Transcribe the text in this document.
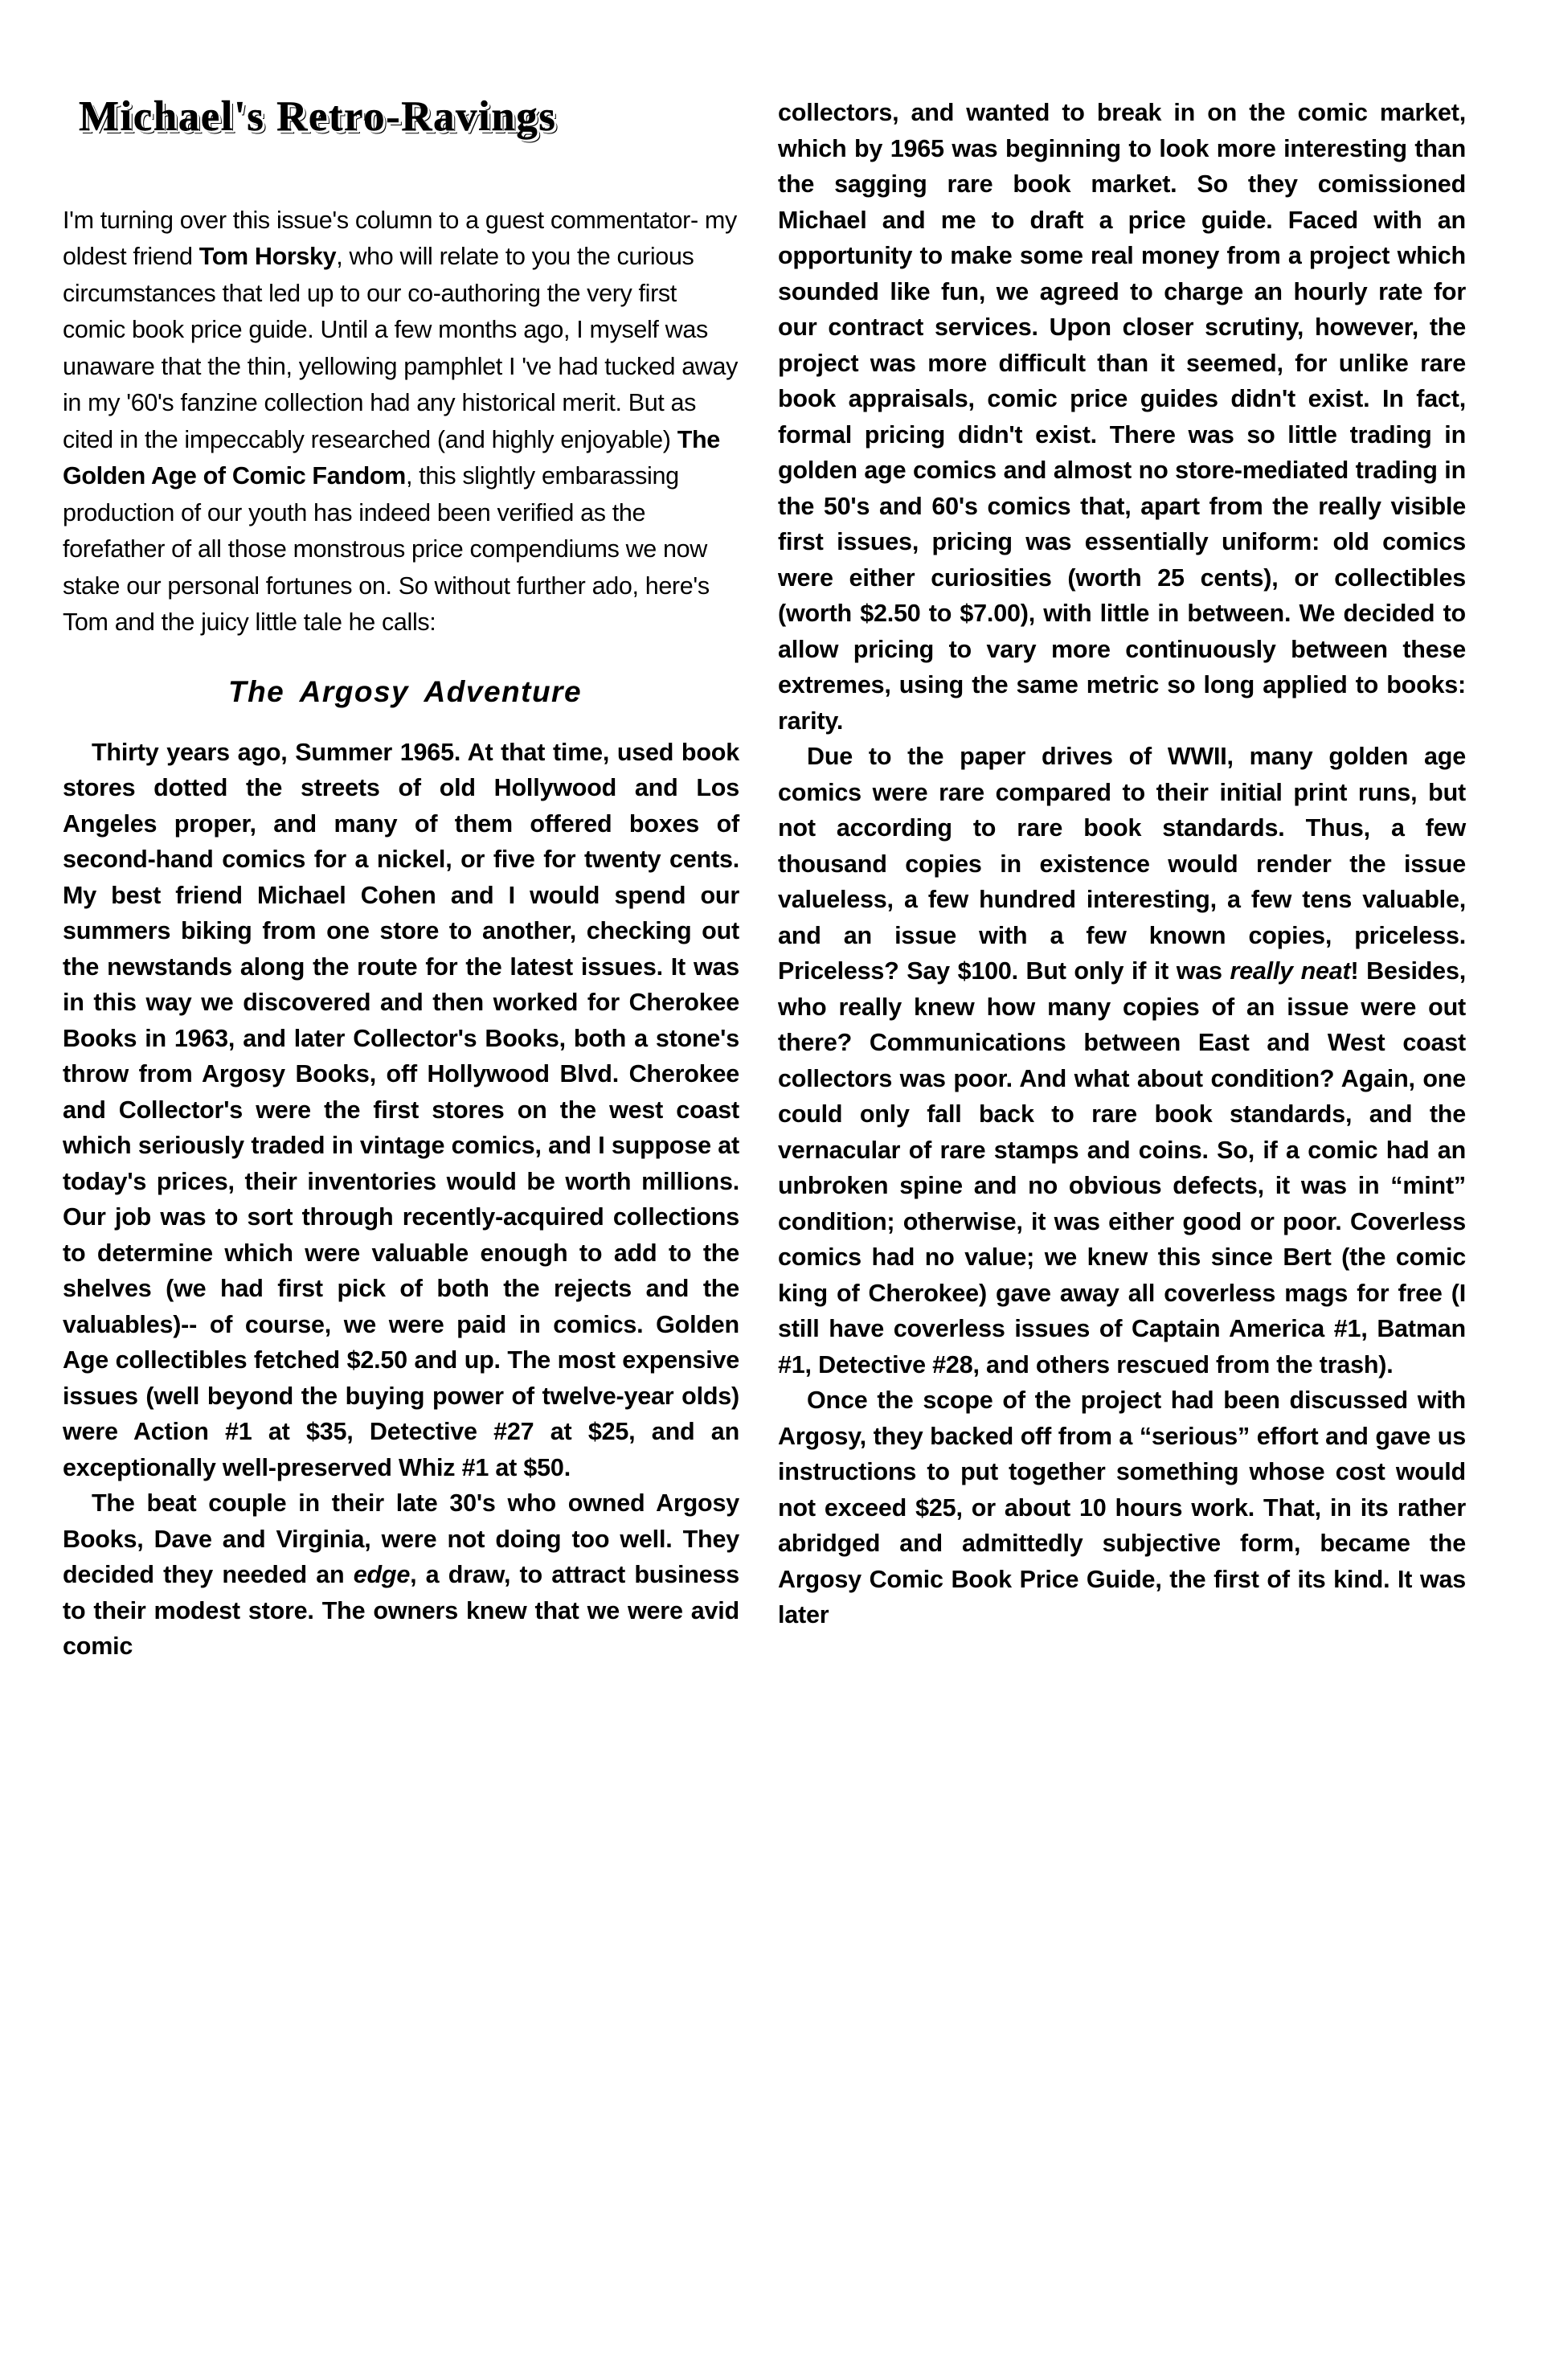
Michael's Retro-Ravings

I'm turning over this issue's column to a guest commentator- my oldest friend Tom Horsky, who will relate to you the curious circumstances that led up to our co-authoring the very first comic book price guide. Until a few months ago, I myself was unaware that the thin, yellowing pamphlet I 've had tucked away in my '60's fanzine collection had any historical merit. But as cited in the impeccably researched (and highly enjoyable) The Golden Age of Comic Fandom, this slightly embarassing production of our youth has indeed been verified as the forefather of all those monstrous price compendiums we now stake our personal fortunes on. So without further ado, here's Tom and the juicy little tale he calls:

The Argosy Adventure

Thirty years ago, Summer 1965. At that time, used book stores dotted the streets of old Hollywood and Los Angeles proper, and many of them offered boxes of second-hand comics for a nickel, or five for twenty cents. My best friend Michael Cohen and I would spend our summers biking from one store to another, checking out the newstands along the route for the latest issues. It was in this way we discovered and then worked for Cherokee Books in 1963, and later Collector's Books, both a stone's throw from Argosy Books, off Hollywood Blvd. Cherokee and Collector's were the first stores on the west coast which seriously traded in vintage comics, and I suppose at today's prices, their inventories would be worth millions. Our job was to sort through recently-acquired collections to determine which were valuable enough to add to the shelves (we had first pick of both the rejects and the valuables)-- of course, we were paid in comics. Golden Age collectibles fetched $2.50 and up. The most expensive issues (well beyond the buying power of twelve-year olds) were Action #1 at $35, Detective #27 at $25, and an exceptionally well-preserved Whiz #1 at $50.

The beat couple in their late 30's who owned Argosy Books, Dave and Virginia, were not doing too well. They decided they needed an edge, a draw, to attract business to their modest store. The owners knew that we were avid comic

collectors, and wanted to break in on the comic market, which by 1965 was beginning to look more interesting than the sagging rare book market. So they comissioned Michael and me to draft a price guide. Faced with an opportunity to make some real money from a project which sounded like fun, we agreed to charge an hourly rate for our contract services. Upon closer scrutiny, however, the project was more difficult than it seemed, for unlike rare book appraisals, comic price guides didn't exist. In fact, formal pricing didn't exist. There was so little trading in golden age comics and almost no store-mediated trading in the 50's and 60's comics that, apart from the really visible first issues, pricing was essentially uniform: old comics were either curiosities (worth 25 cents), or collectibles (worth $2.50 to $7.00), with little in between. We decided to allow pricing to vary more continuously between these extremes, using the same metric so long applied to books: rarity.

Due to the paper drives of WWII, many golden age comics were rare compared to their initial print runs, but not according to rare book standards. Thus, a few thousand copies in existence would render the issue valueless, a few hundred interesting, a few tens valuable, and an issue with a few known copies, priceless. Priceless? Say $100. But only if it was really neat! Besides, who really knew how many copies of an issue were out there? Communications between East and West coast collectors was poor. And what about condition? Again, one could only fall back to rare book standards, and the vernacular of rare stamps and coins. So, if a comic had an unbroken spine and no obvious defects, it was in “mint” condition; otherwise, it was either good or poor. Coverless comics had no value; we knew this since Bert (the comic king of Cherokee) gave away all coverless mags for free (I still have coverless issues of Captain America #1, Batman #1, Detective #28, and others rescued from the trash).

Once the scope of the project had been discussed with Argosy, they backed off from a “serious” effort and gave us instructions to put together something whose cost would not exceed $25, or about 10 hours work. That, in its rather abridged and admittedly subjective form, became the Argosy Comic Book Price Guide, the first of its kind. It was later
